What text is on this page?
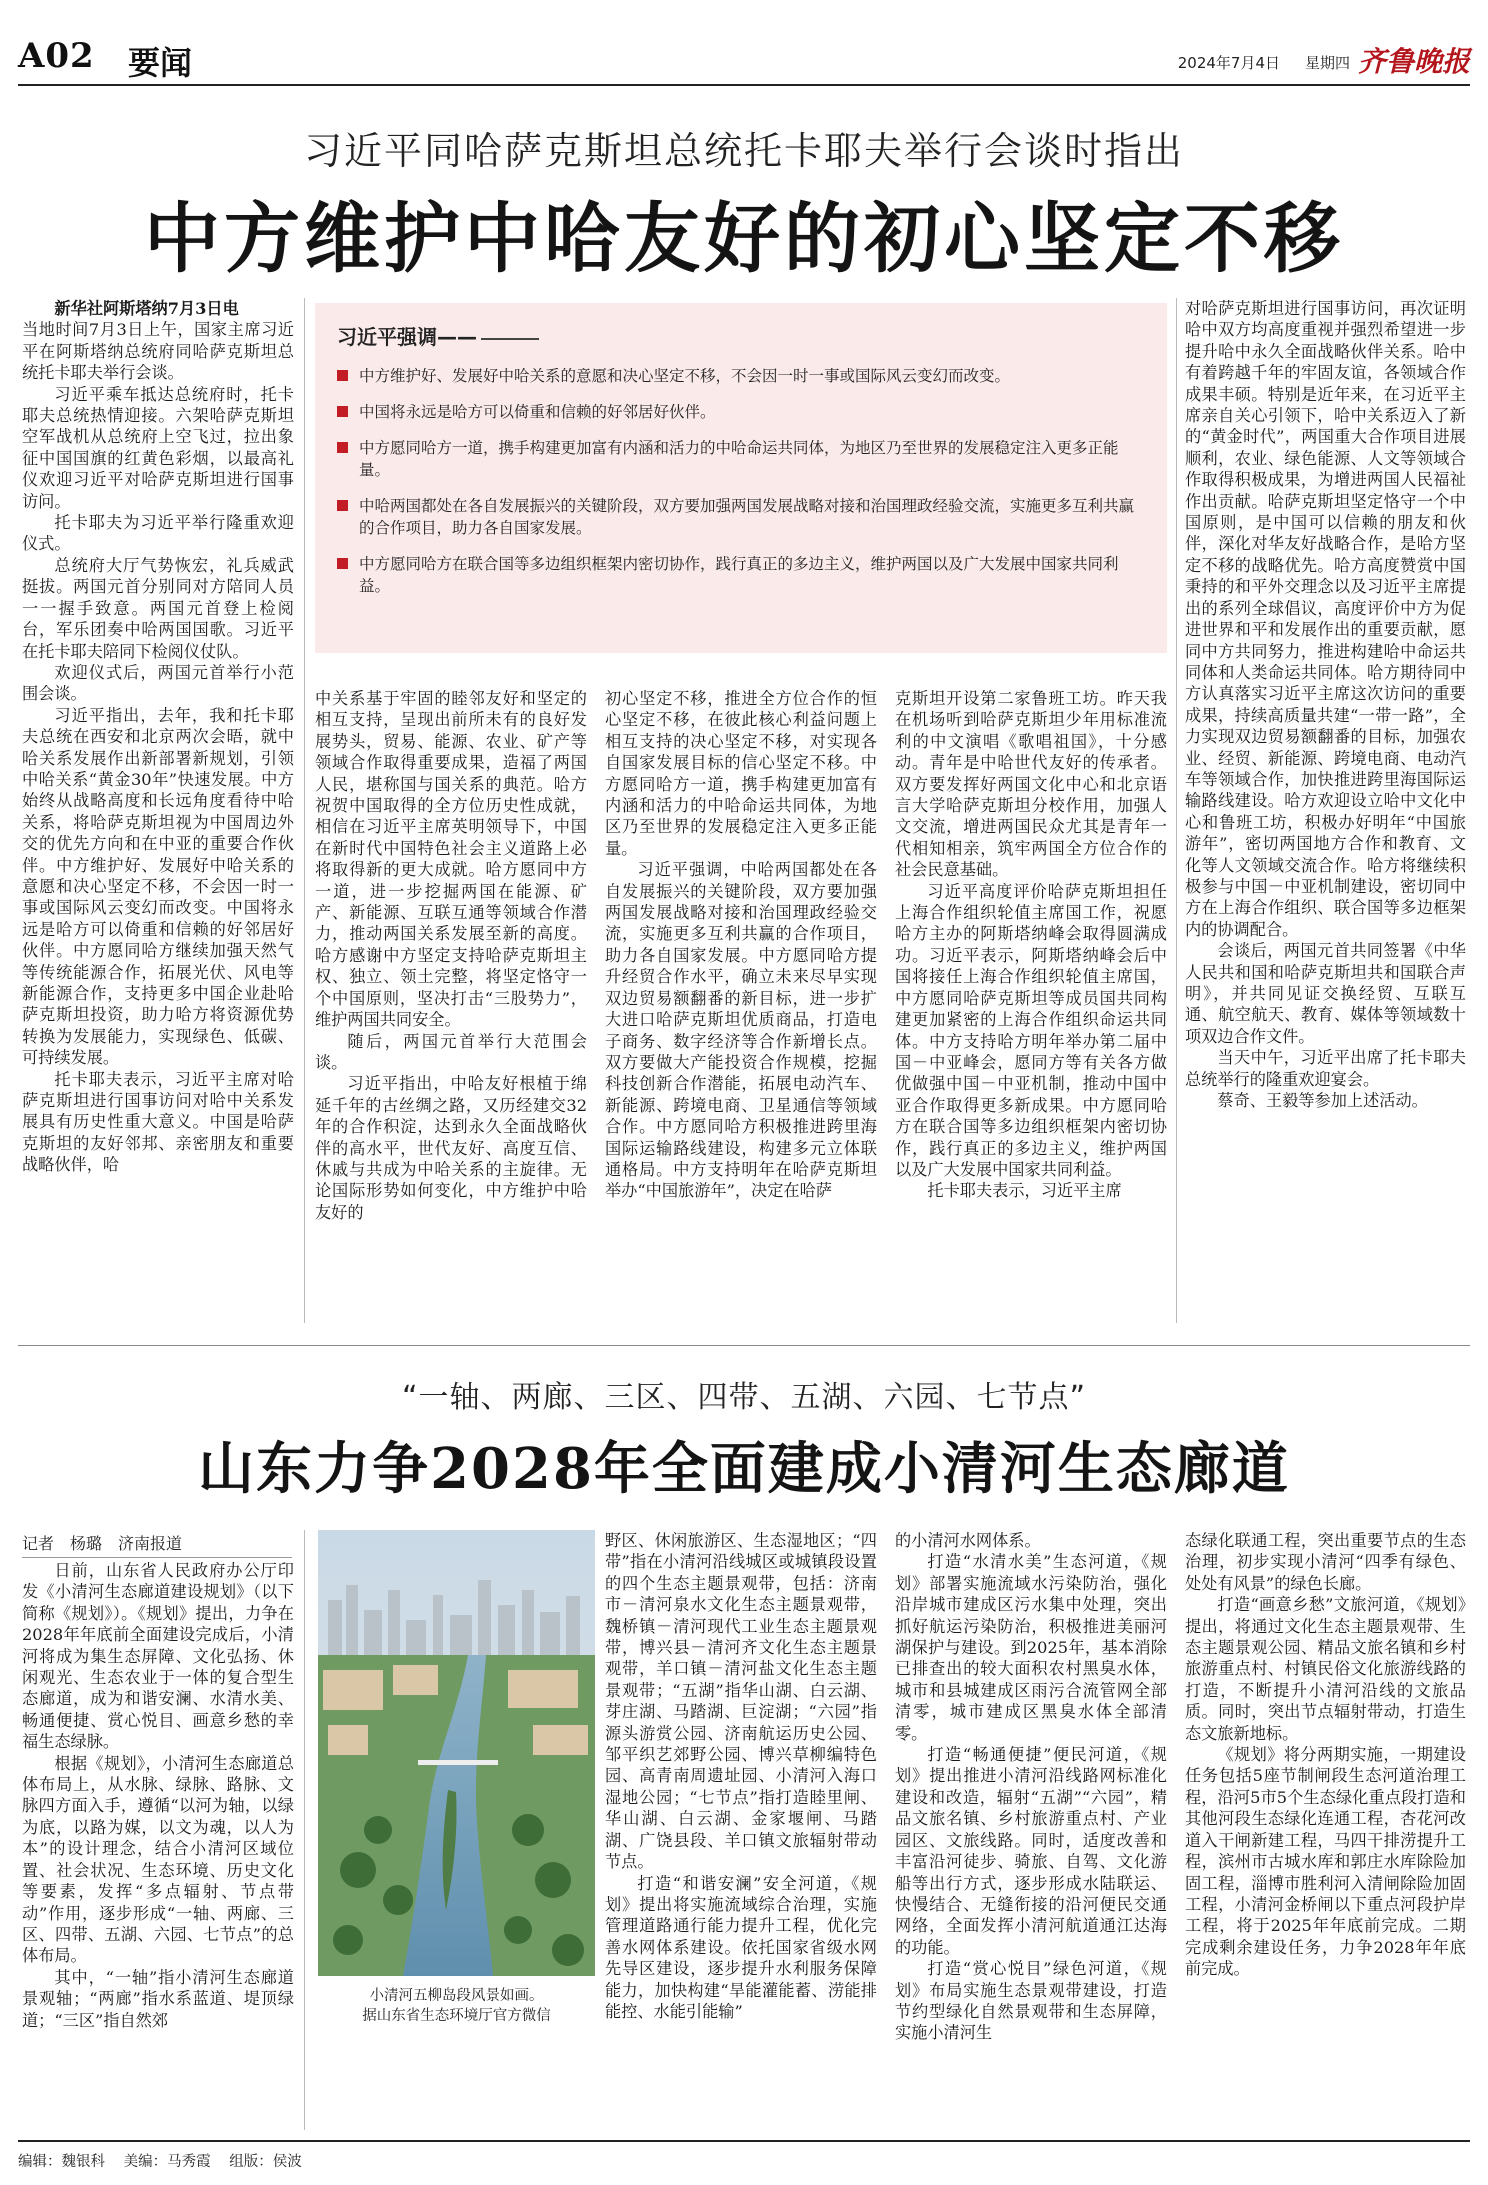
A02 要闻	2024年7月4日 星期四 齐鲁晚报
习近平同哈萨克斯坦总统托卡耶夫举行会谈时指出
中方维护中哈友好的初心坚定不移

新华社阿斯塔纳7月3日电
当地时间7月3日上午，国家主席习近平在阿斯塔纳总统府同哈萨克斯坦总统托卡耶夫举行会谈。

习近平乘车抵达总统府时，托卡耶夫总统热情迎接。六架哈萨克斯坦空军战机从总统府上空飞过，拉出象征中国国旗的红黄色彩烟，以最高礼仪欢迎习近平对哈萨克斯坦进行国事访问。

托卡耶夫为习近平举行隆重欢迎仪式。

总统府大厅气势恢宏，礼兵威武挺拔。两国元首分别同对方陪同人员一一握手致意。两国元首登上检阅台，军乐团奏中哈两国国歌。习近平在托卡耶夫陪同下检阅仪仗队。

欢迎仪式后，两国元首举行小范围会谈。

习近平指出，去年，我和托卡耶夫总统在西安和北京两次会晤，就中哈关系发展作出新部署新规划，引领中哈关系“黄金30年”快速发展。中方始终从战略高度和长远角度看待中哈关系，将哈萨克斯坦视为中国周边外交的优先方向和在中亚的重要合作伙伴。中方维护好、发展好中哈关系的意愿和决心坚定不移，不会因一时一事或国际风云变幻而改变。中国将永远是哈方可以倚重和信赖的好邻居好伙伴。中方愿同哈方继续加强天然气等传统能源合作，拓展光伏、风电等新能源合作，支持更多中国企业赴哈萨克斯坦投资，助力哈方将资源优势转换为发展能力，实现绿色、低碳、可持续发展。

托卡耶夫表示，习近平主席对哈萨克斯坦进行国事访问对哈中关系发展具有历史性重大意义。中国是哈萨克斯坦的友好邻邦、亲密朋友和重要战略伙伴，哈

习近平强调——
中方维护好、发展好中哈关系的意愿和决心坚定不移，不会因一时一事或国际风云变幻而改变。
中国将永远是哈方可以倚重和信赖的好邻居好伙伴。
中方愿同哈方一道，携手构建更加富有内涵和活力的中哈命运共同体，为地区乃至世界的发展稳定注入更多正能量。
中哈两国都处在各自发展振兴的关键阶段，双方要加强两国发展战略对接和治国理政经验交流，实施更多互利共赢的合作项目，助力各自国家发展。
中方愿同哈方在联合国等多边组织框架内密切协作，践行真正的多边主义，维护两国以及广大发展中国家共同利益。

中关系基于牢固的睦邻友好和坚定的相互支持，呈现出前所未有的良好发展势头，贸易、能源、农业、矿产等领域合作取得重要成果，造福了两国人民，堪称国与国关系的典范。哈方祝贺中国取得的全方位历史性成就，相信在习近平主席英明领导下，中国在新时代中国特色社会主义道路上必将取得新的更大成就。哈方愿同中方一道，进一步挖掘两国在能源、矿产、新能源、互联互通等领域合作潜力，推动两国关系发展至新的高度。哈方感谢中方坚定支持哈萨克斯坦主权、独立、领土完整，将坚定恪守一个中国原则，坚决打击“三股势力”，维护两国共同安全。

随后，两国元首举行大范围会谈。

习近平指出，中哈友好根植于绵延千年的古丝绸之路，又历经建交32年的合作积淀，达到永久全面战略伙伴的高水平，世代友好、高度互信、休戚与共成为中哈关系的主旋律。无论国际形势如何变化，中方维护中哈友好的

初心坚定不移，推进全方位合作的恒心坚定不移，在彼此核心利益问题上相互支持的决心坚定不移，对实现各自国家发展目标的信心坚定不移。中方愿同哈方一道，携手构建更加富有内涵和活力的中哈命运共同体，为地区乃至世界的发展稳定注入更多正能量。

习近平强调，中哈两国都处在各自发展振兴的关键阶段，双方要加强两国发展战略对接和治国理政经验交流，实施更多互利共赢的合作项目，助力各自国家发展。中方愿同哈方提升经贸合作水平，确立未来尽早实现双边贸易额翻番的新目标，进一步扩大进口哈萨克斯坦优质商品，打造电子商务、数字经济等合作新增长点。双方要做大产能投资合作规模，挖掘科技创新合作潜能，拓展电动汽车、新能源、跨境电商、卫星通信等领域合作。中方愿同哈方积极推进跨里海国际运输路线建设，构建多元立体联通格局。中方支持明年在哈萨克斯坦举办“中国旅游年”，决定在哈萨

克斯坦开设第二家鲁班工坊。昨天我在机场听到哈萨克斯坦少年用标准流利的中文演唱《歌唱祖国》，十分感动。青年是中哈世代友好的传承者。双方要发挥好两国文化中心和北京语言大学哈萨克斯坦分校作用，加强人文交流，增进两国民众尤其是青年一代相知相亲，筑牢两国全方位合作的社会民意基础。

习近平高度评价哈萨克斯坦担任上海合作组织轮值主席国工作，祝愿哈方主办的阿斯塔纳峰会取得圆满成功。习近平表示，阿斯塔纳峰会后中国将接任上海合作组织轮值主席国，中方愿同哈萨克斯坦等成员国共同构建更加紧密的上海合作组织命运共同体。中方支持哈方明年举办第二届中国－中亚峰会，愿同方等有关各方做优做强中国－中亚机制，推动中国中亚合作取得更多新成果。中方愿同哈方在联合国等多边组织框架内密切协作，践行真正的多边主义，维护两国以及广大发展中国家共同利益。

托卡耶夫表示，习近平主席

对哈萨克斯坦进行国事访问，再次证明哈中双方均高度重视并强烈希望进一步提升哈中永久全面战略伙伴关系。哈中有着跨越千年的牢固友谊，各领域合作成果丰硕。特别是近年来，在习近平主席亲自关心引领下，哈中关系迈入了新的“黄金时代”，两国重大合作项目进展顺利，农业、绿色能源、人文等领域合作取得积极成果，为增进两国人民福祉作出贡献。哈萨克斯坦坚定恪守一个中国原则，是中国可以信赖的朋友和伙伴，深化对华友好战略合作，是哈方坚定不移的战略优先。哈方高度赞赏中国秉持的和平外交理念以及习近平主席提出的系列全球倡议，高度评价中方为促进世界和平和发展作出的重要贡献，愿同中方共同努力，推进构建哈中命运共同体和人类命运共同体。哈方期待同中方认真落实习近平主席这次访问的重要成果，持续高质量共建“一带一路”，全力实现双边贸易额翻番的目标，加强农业、经贸、新能源、跨境电商、电动汽车等领域合作，加快推进跨里海国际运输路线建设。哈方欢迎设立哈中文化中心和鲁班工坊，积极办好明年“中国旅游年”，密切两国地方合作和教育、文化等人文领域交流合作。哈方将继续积极参与中国－中亚机制建设，密切同中方在上海合作组织、联合国等多边框架内的协调配合。

会谈后，两国元首共同签署《中华人民共和国和哈萨克斯坦共和国联合声明》，并共同见证交换经贸、互联互通、航空航天、教育、媒体等领域数十项双边合作文件。

当天中午，习近平出席了托卡耶夫总统举行的隆重欢迎宴会。

蔡奇、王毅等参加上述活动。

“一轴、两廊、三区、四带、五湖、六园、七节点”
山东力争2028年全面建成小清河生态廊道
记者　杨璐　济南报道

日前，山东省人民政府办公厅印发《小清河生态廊道建设规划》（以下简称《规划》）。《规划》提出，力争在2028年年底前全面建设完成后，小清河将成为集生态屏障、文化弘扬、休闲观光、生态农业于一体的复合型生态廊道，成为和谐安澜、水清水美、畅通便捷、赏心悦目、画意乡愁的幸福生态绿脉。

根据《规划》，小清河生态廊道总体布局上，从水脉、绿脉、路脉、文脉四方面入手，遵循“以河为轴，以绿为底，以路为媒，以文为魂，以人为本”的设计理念，结合小清河区域位置、社会状况、生态环境、历史文化等要素，发挥“多点辐射、节点带动”作用，逐步形成“一轴、两廊、三区、四带、五湖、六园、七节点”的总体布局。

其中，“一轴”指小清河生态廊道景观轴；“两廊”指水系蓝道、堤顶绿道；“三区”指自然郊

小清河五柳岛段风景如画。
据山东省生态环境厅官方微信

野区、休闲旅游区、生态湿地区；“四带”指在小清河沿线城区或城镇段设置的四个生态主题景观带，包括：济南市－清河泉水文化生态主题景观带，魏桥镇－清河现代工业生态主题景观带，博兴县－清河齐文化生态主题景观带，羊口镇－清河盐文化生态主题景观带；“五湖”指华山湖、白云湖、芽庄湖、马踏湖、巨淀湖；“六园”指源头游赏公园、济南航运历史公园、邹平织艺郊野公园、博兴草柳编特色园、高青南周遗址园、小清河入海口湿地公园；“七节点”指打造睦里闸、华山湖、白云湖、金家堰闸、马踏湖、广饶县段、羊口镇文旅辐射带动节点。

打造“和谐安澜”安全河道，《规划》提出将实施流域综合治理，实施管理道路通行能力提升工程，优化完善水网体系建设。依托国家省级水网先导区建设，逐步提升水利服务保障能力，加快构建“旱能灌能蓄、涝能排能控、水能引能输”

的小清河水网体系。

打造“水清水美”生态河道，《规划》部署实施流域水污染防治，强化沿岸城市建成区污水集中处理，突出抓好航运污染防治，积极推进美丽河湖保护与建设。到2025年，基本消除已排查出的较大面积农村黑臭水体，城市和县城建成区雨污合流管网全部清零，城市建成区黑臭水体全部清零。

打造“畅通便捷”便民河道，《规划》提出推进小清河沿线路网标准化建设和改造，辐射“五湖”“六园”，精品文旅名镇、乡村旅游重点村、产业园区、文旅线路。同时，适度改善和丰富沿河徒步、骑旅、自驾、文化游船等出行方式，逐步形成水陆联运、快慢结合、无缝衔接的沿河便民交通网络，全面发挥小清河航道通江达海的功能。

打造“赏心悦目”绿色河道，《规划》布局实施生态景观带建设，打造节约型绿化自然景观带和生态屏障，实施小清河生

态绿化联通工程，突出重要节点的生态治理，初步实现小清河“四季有绿色、处处有风景”的绿色长廊。

打造“画意乡愁”文旅河道，《规划》提出，将通过文化生态主题景观带、生态主题景观公园、精品文旅名镇和乡村旅游重点村、村镇民俗文化旅游线路的打造，不断提升小清河沿线的文旅品质。同时，突出节点辐射带动，打造生态文旅新地标。

《规划》将分两期实施，一期建设任务包括5座节制闸段生态河道治理工程，沿河5市5个生态绿化重点段打造和其他河段生态绿化连通工程，杏花河改道入干闸新建工程，马四干排涝提升工程，滨州市古城水库和郭庄水库除险加固工程，淄博市胜利河入清闸除险加固工程，小清河金桥闸以下重点河段护岸工程，将于2025年年底前完成。二期完成剩余建设任务，力争2028年年底前完成。

编辑：魏银科 美编：马秀霞 组版：侯波
